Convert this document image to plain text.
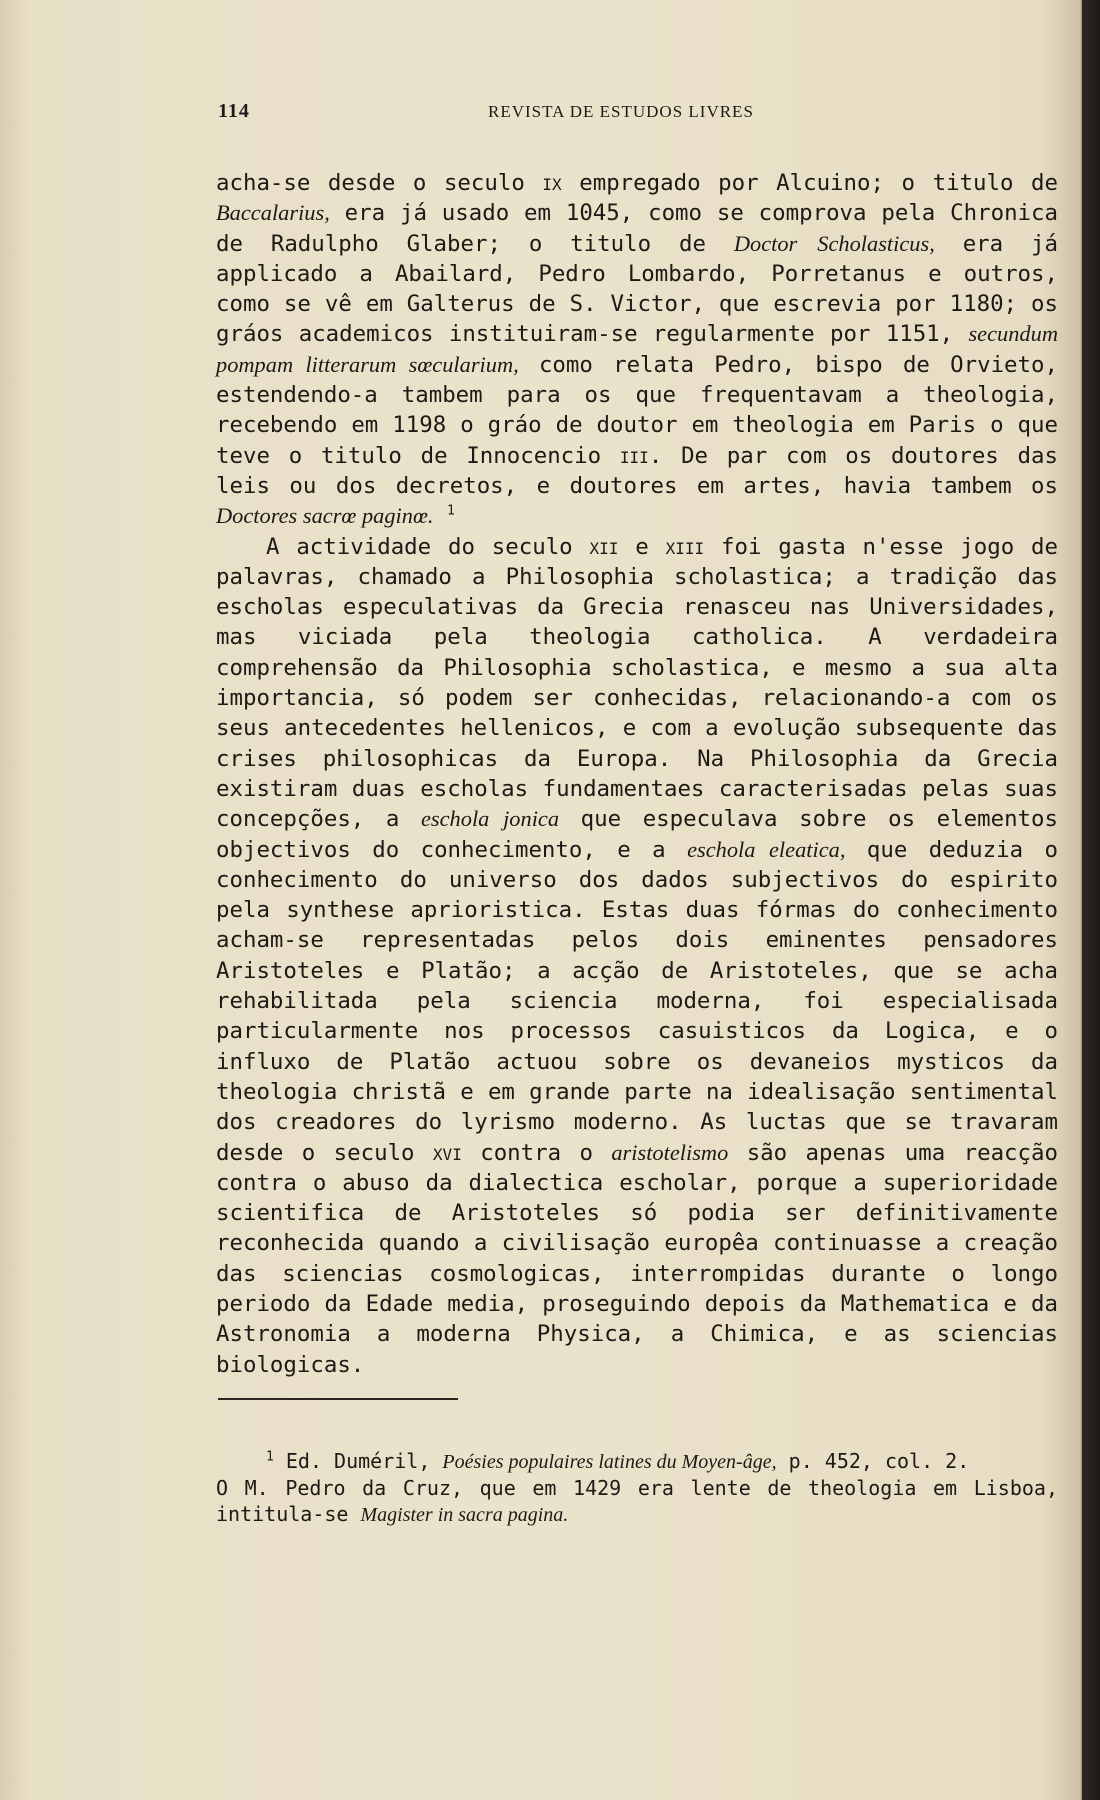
114	REVISTA DE ESTUDOS LIVRES

acha-se desde o seculo ix empregado por Alcuino; o titulo de Baccalarius, era já usado em 1045, como se comprova pela Chronica de Radulpho Glaber; o titulo de Doctor Scholasticus, era já applicado a Abailard, Pedro Lombardo, Porretanus e outros, como se vê em Galterus de S. Victor, que escrevia por 1180; os gráos academicos instituiram-se regularmente por 1151, secundum pompam litterarum sœcularium, como relata Pedro, bispo de Orvieto, estendendo-a tambem para os que frequentavam a theologia, recebendo em 1198 o gráo de doutor em theologia em Paris o que teve o titulo de Innocencio iii. De par com os doutores das leis ou dos decretos, e doutores em artes, havia tambem os Doctores sacrœ paginœ. $^1$

A actividade do seculo xii e xiii foi gasta n'esse jogo de palavras, chamado a Philosophia scholastica; a tradição das escholas especulativas da Grecia renasceu nas Universidades, mas viciada pela theologia catholica. A verdadeira comprehensão da Philosophia scholastica, e mesmo a sua alta importancia, só podem ser conhecidas, relacionando-a com os seus antecedentes hellenicos, e com a evolução subsequente das crises philosophicas da Europa. Na Philosophia da Grecia existiram duas escholas fundamentaes caracterisadas pelas suas concepções, a eschola jonica que especulava sobre os elementos objectivos do conhecimento, e a eschola eleatica, que deduzia o conhecimento do universo dos dados subjectivos do espirito pela synthese aprioristica. Estas duas fórmas do conhecimento acham-se representadas pelos dois eminentes pensadores Aristoteles e Platão; a acção de Aristoteles, que se acha rehabilitada pela sciencia moderna, foi especialisada particularmente nos processos casuisticos da Logica, e o influxo de Platão actuou sobre os devaneios mysticos da theologia christã e em grande parte na idealisação sentimental dos creadores do lyrismo moderno. As luctas que se travaram desde o seculo xvi contra o aristotelismo são apenas uma reacção contra o abuso da dialectica escholar, porque a superioridade scientifica de Aristoteles só podia ser definitivamente reconhecida quando a civilisação europêa continuasse a creação das sciencias cosmologicas, interrompidas durante o longo periodo da Edade media, proseguindo depois da Mathematica e da Astronomia a moderna Physica, a Chimica, e as sciencias biologicas.

$^1$ Ed. Duméril, Poésies populaires latines du Moyen-âge, p. 452, col. 2.

O M. Pedro da Cruz, que em 1429 era lente de theologia em Lisboa, intitula-se Magister in sacra pagina.
